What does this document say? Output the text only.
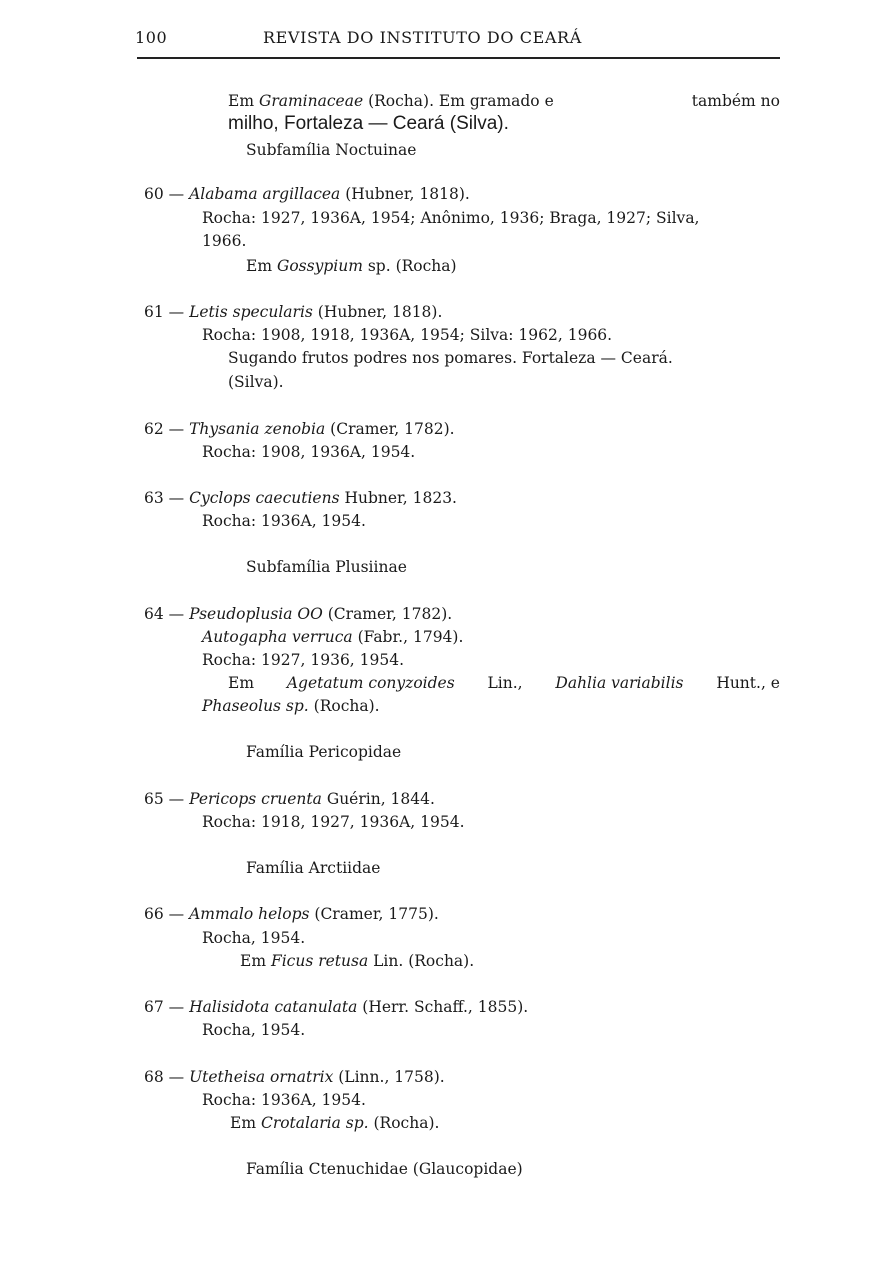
100	REVISTA DO INSTITUTO DO CEARÁ
Em Graminaceae (Rocha). Em gramado e	também no
milho, Fortaleza — Ceará (Silva).
Subfamília Noctuinae
60 — Alabama argillacea (Hubner, 1818).
Rocha: 1927, 1936A, 1954; Anônimo, 1936; Braga, 1927; Silva,
1966.
Em Gossypium sp. (Rocha)
61 — Letis specularis (Hubner, 1818).
Rocha: 1908, 1918, 1936A, 1954; Silva: 1962, 1966.
Sugando frutos podres nos pomares. Fortaleza — Ceará.
(Silva).
62 — Thysania zenobia (Cramer, 1782).
Rocha: 1908, 1936A, 1954.
63 — Cyclops caecutiens Hubner, 1823.
Rocha: 1936A, 1954.
Subfamília Plusiinae
64 — Pseudoplusia OO (Cramer, 1782).
Autogapha verruca (Fabr., 1794).
Rocha: 1927, 1936, 1954.
Em Agetatum conyzoides Lin., Dahlia variabilis Hunt., e
Phaseolus sp. (Rocha).
Família Pericopidae
65 — Pericops cruenta Guérin, 1844.
Rocha: 1918, 1927, 1936A, 1954.
Família Arctiidae
66 — Ammalo helops (Cramer, 1775).
Rocha, 1954.
Em Ficus retusa Lin. (Rocha).
67 — Halisidota catanulata (Herr. Schaff., 1855).
Rocha, 1954.
68 — Utetheisa ornatrix (Linn., 1758).
Rocha: 1936A, 1954.
Em Crotalaria sp. (Rocha).
Família Ctenuchidae (Glaucopidae)
